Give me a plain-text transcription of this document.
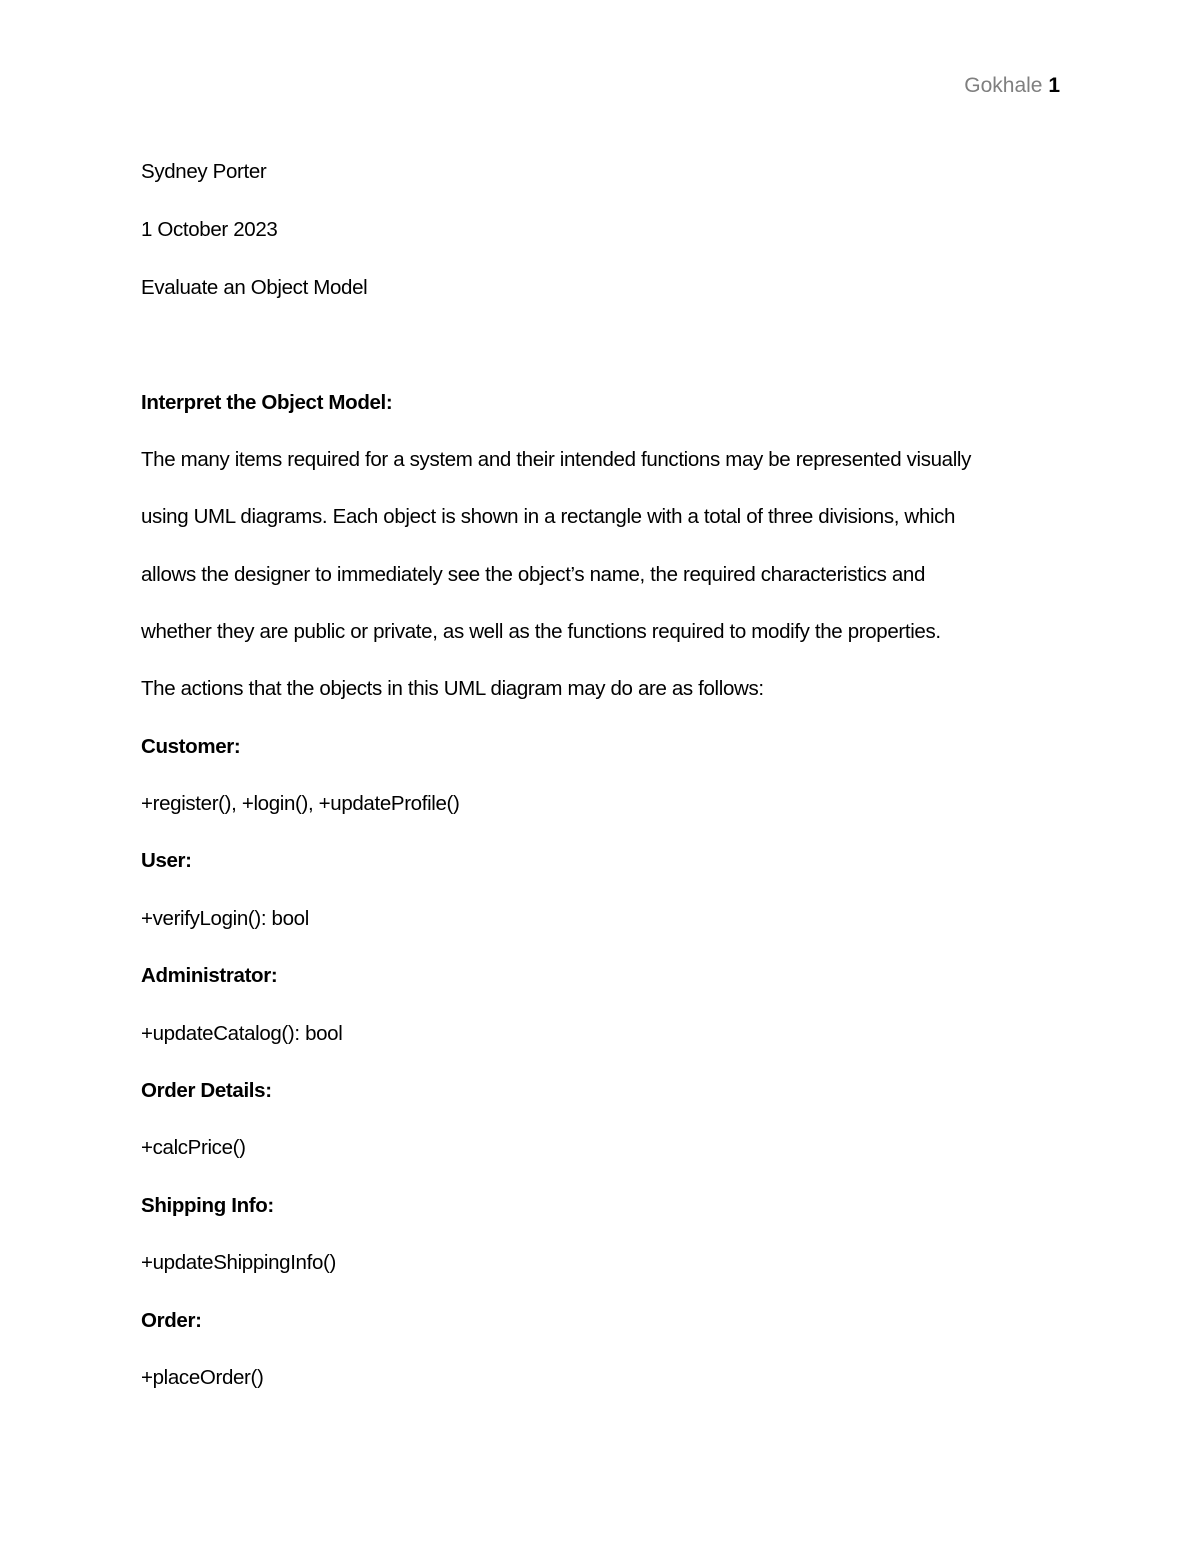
Gokhale 1
Sydney Porter
1 October 2023
Evaluate an Object Model
Interpret the Object Model:
The many items required for a system and their intended functions may be represented visually
using UML diagrams. Each object is shown in a rectangle with a total of three divisions, which
allows the designer to immediately see the object’s name, the required characteristics and
whether they are public or private, as well as the functions required to modify the properties.
The actions that the objects in this UML diagram may do are as follows:
Customer:
+register(), +login(), +updateProfile()
User:
+verifyLogin(): bool
Administrator:
+updateCatalog(): bool
Order Details:
+calcPrice()
Shipping Info:
+updateShippingInfo()
Order:
+placeOrder()
